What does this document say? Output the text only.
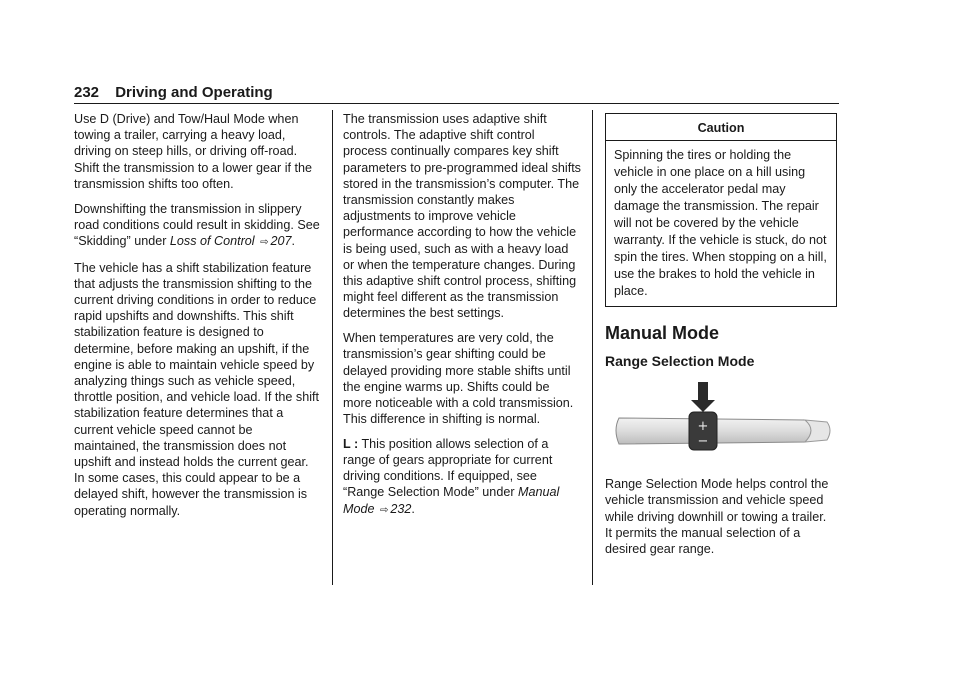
232 Driving and Operating

Use D (Drive) and Tow/Haul Mode when towing a trailer, carrying a heavy load, driving on steep hills, or driving off-road. Shift the transmission to a lower gear if the transmission shifts too often.

Downshifting the transmission in slippery road conditions could result in skidding. See “Skidding” under Loss of Control ⇨ 207.

The vehicle has a shift stabilization feature that adjusts the transmission shifting to the current driving conditions in order to reduce rapid upshifts and downshifts. This shift stabilization feature is designed to determine, before making an upshift, if the engine is able to maintain vehicle speed by analyzing things such as vehicle speed, throttle position, and vehicle load. If the shift stabilization feature determines that a current vehicle speed cannot be maintained, the transmission does not upshift and instead holds the current gear. In some cases, this could appear to be a delayed shift, however the transmission is operating normally.

The transmission uses adaptive shift controls. The adaptive shift control process continually compares key shift parameters to pre-programmed ideal shifts stored in the transmission’s computer. The transmission constantly makes adjustments to improve vehicle performance according to how the vehicle is being used, such as with a heavy load or when the temperature changes. During this adaptive shift control process, shifting might feel different as the transmission determines the best settings.

When temperatures are very cold, the transmission’s gear shifting could be delayed providing more stable shifts until the engine warms up. Shifts could be more noticeable with a cold transmission. This difference in shifting is normal.

L : This position allows selection of a range of gears appropriate for current driving conditions. If equipped, see “Range Selection Mode” under Manual Mode ⇨ 232.

Caution
Spinning the tires or holding the vehicle in one place on a hill using only the accelerator pedal may damage the transmission. The repair will not be covered by the vehicle warranty. If the vehicle is stuck, do not spin the tires. When stopping on a hill, use the brakes to hold the vehicle in place.
Manual Mode
Range Selection Mode
+
−

Range Selection Mode helps control the vehicle transmission and vehicle speed while driving downhill or towing a trailer.

It permits the manual selection of a desired gear range.
